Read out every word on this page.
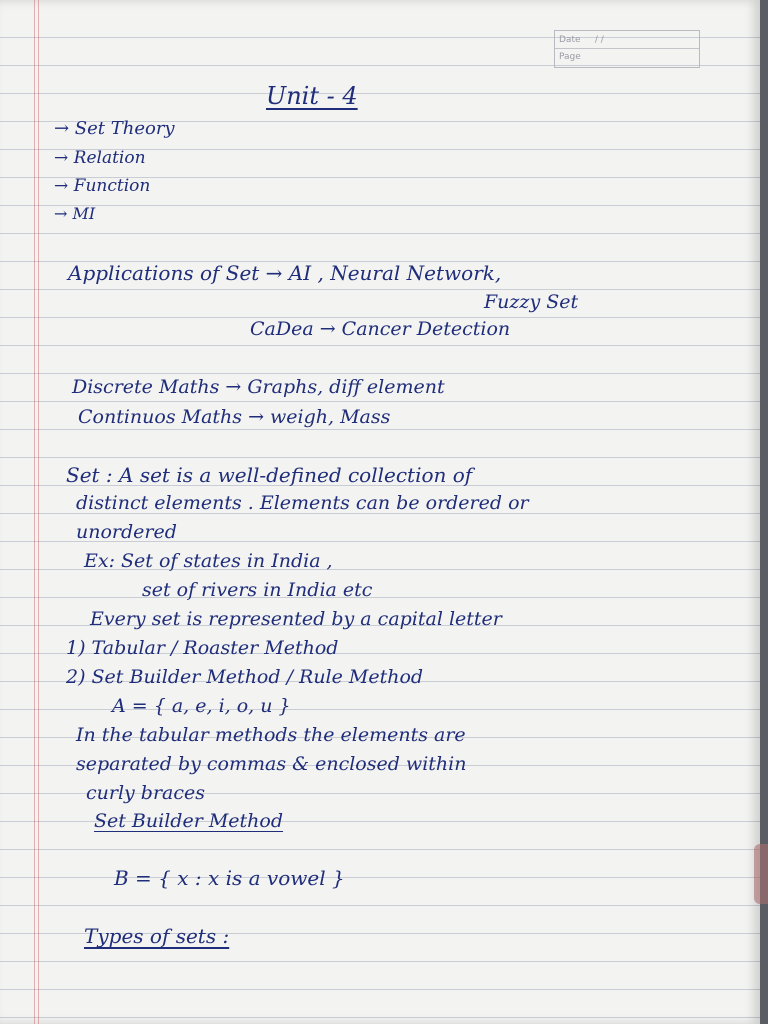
Date / /
Page
Unit - 4
→ Set Theory
→ Relation
→ Function
→ MI
Applications of Set → AI , Neural Network,
Fuzzy Set
CaDea → Cancer Detection
Discrete Maths → Graphs, diff element
Continuos Maths → weigh, Mass
Set : A set is a well-defined collection of
distinct elements . Elements can be ordered or
unordered
Ex: Set of states in India ,
set of rivers in India etc
Every set is represented by a capital letter
1) Tabular / Roaster Method
2) Set Builder Method / Rule Method
A = { a, e, i, o, u }
In the tabular methods the elements are
separated by commas & enclosed within
curly braces
Set Builder Method
B = { x : x is a vowel }
Types of sets :
